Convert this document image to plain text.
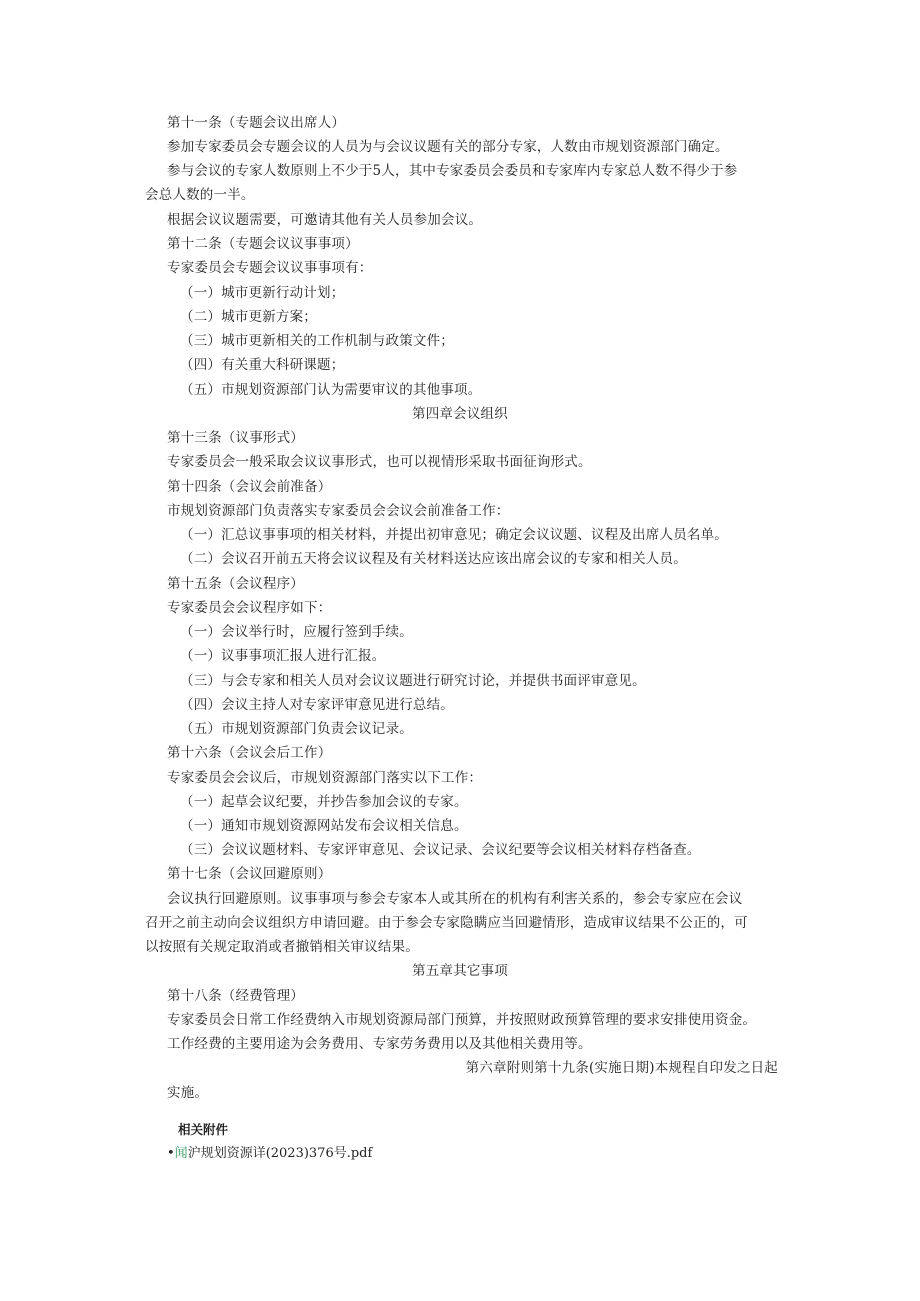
第十一条（专题会议出席人）
参加专家委员会专题会议的人员为与会议议题有关的部分专家，人数由市规划资源部门确定。
参与会议的专家人数原则上不少于5人，其中专家委员会委员和专家库内专家总人数不得少于参
会总人数的一半。
根据会议议题需要，可邀请其他有关人员参加会议。
第十二条（专题会议议事事项）
专家委员会专题会议议事事项有：
（一）城市更新行动计划；
（二）城市更新方案；
（三）城市更新相关的工作机制与政策文件；
（四）有关重大科研课题；
（五）市规划资源部门认为需要审议的其他事项。
第四章会议组织
第十三条（议事形式）
专家委员会一般采取会议议事形式，也可以视情形采取书面征询形式。
第十四条（会议会前准备）
市规划资源部门负责落实专家委员会会议会前准备工作：
（一）汇总议事事项的相关材料，并提出初审意见；确定会议议题、议程及出席人员名单。
（二）会议召开前五天将会议议程及有关材料送达应该出席会议的专家和相关人员。
第十五条（会议程序）
专家委员会会议程序如下：
（一）会议举行时，应履行签到手续。
（一）议事事项汇报人进行汇报。
（三）与会专家和相关人员对会议议题进行研究讨论，并提供书面评审意见。
（四）会议主持人对专家评审意见进行总结。
（五）市规划资源部门负责会议记录。
第十六条（会议会后工作）
专家委员会会议后，市规划资源部门落实以下工作：
（一）起草会议纪要，并抄告参加会议的专家。
（一）通知市规划资源网站发布会议相关信息。
（三）会议议题材料、专家评审意见、会议记录、会议纪要等会议相关材料存档备查。
第十七条（会议回避原则）
会议执行回避原则。议事事项与参会专家本人或其所在的机构有利害关系的，参会专家应在会议
召开之前主动向会议组织方申请回避。由于参会专家隐瞒应当回避情形，造成审议结果不公正的，可
以按照有关规定取消或者撤销相关审议结果。
第五章其它事项
第十八条（经费管理）
专家委员会日常工作经费纳入市规划资源局部门预算，并按照财政预算管理的要求安排使用资金。
工作经费的主要用途为会务费用、专家劳务费用以及其他相关费用等。
第六章附则第十九条(实施日期)本规程自印发之日起
实施。
相关附件
•闻沪规划资源详(2023)376号.pdf
